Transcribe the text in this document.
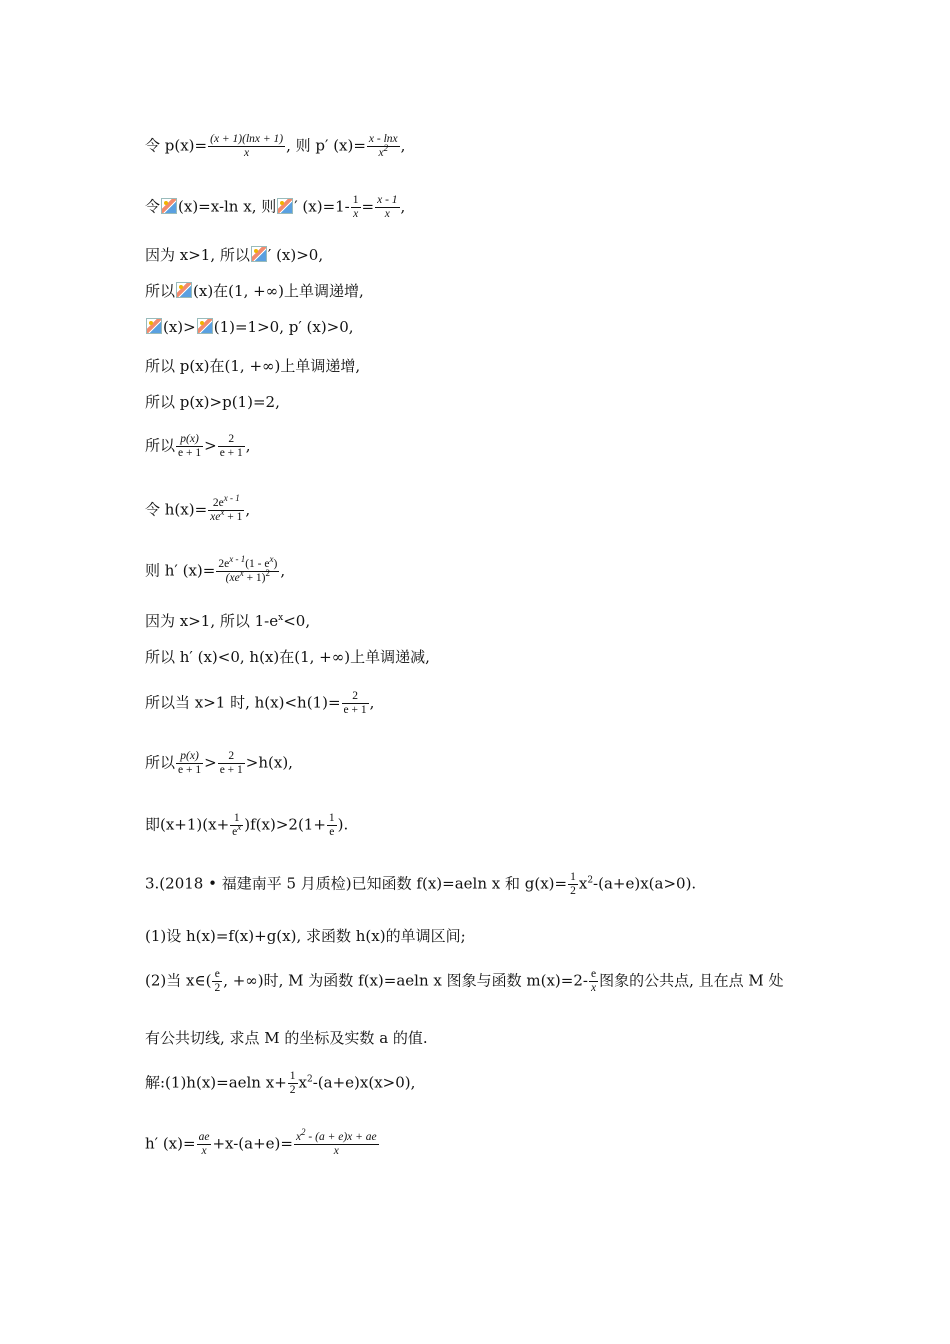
令 $p(x)= \frac{(x + 1)(\ln x + 1)}{x}$ , 则 p′ $(x)= \frac{x - \ln x}{x^2}$ ,
令 (x)=x-ln x, 则 ′ $(x)=1- \frac{1}{x} = \frac{x - 1}{x}$ ,
因为 x>1, 所以 ′ (x)>0,
所以 (x)在(1, +∞)上单调递增,
(x)> (1)=1>0, p′ (x)>0,
所以 p(x)在(1, +∞)上单调递增,
所以 p(x)>p(1)=2,
所以 $\frac{p(x)}{e + 1} > \frac{2}{e + 1}$ ,
令 $h(x)= \frac{2e^{x - 1}}{xe^x + 1}$ ,
则 h′ $(x)= \frac{2e^{x - 1}(1 - e^x)}{(xe^x + 1)^2}$ ,
因为 x>1, 所以 $1-e^x<0$,
所以 h′ (x)<0, h(x)在(1, +∞)上单调递减,
所以当 x>1 时, $h(x)<h(1)= \frac{2}{e + 1}$ ,
所以 $\frac{p(x)}{e + 1} > \frac{2}{e + 1} >h(x)$,
即$(x+1)(x+ \frac{1}{e^x} )f(x)>2(1+ \frac{1}{e}$ ).
3.(2018 • 福建南平 5 月质检)已知函数 f(x)=aeln x 和 $g(x)= \frac{1}{2} x^2-(a+e)x(a>0)$.
(1)设 h(x)=f(x)+g(x), 求函数 h(x)的单调区间;
(2)当 x∈( $\frac{e}{2}$ , +∞)时, M 为函数 f(x)=aeln x 图象与函数 $m(x)=2- \frac{e}{x}$ 图象的公共点, 且在点 M 处
有公共切线, 求点 M 的坐标及实数 a 的值.
解:(1)h(x)=aeln $x+ \frac{1}{2} x^2-(a+e)x(x>0)$,
h′ $(x)= \frac{ae}{x} +x-(a+e)= \frac{x^2 - (a + e)x + ae}{x}$
